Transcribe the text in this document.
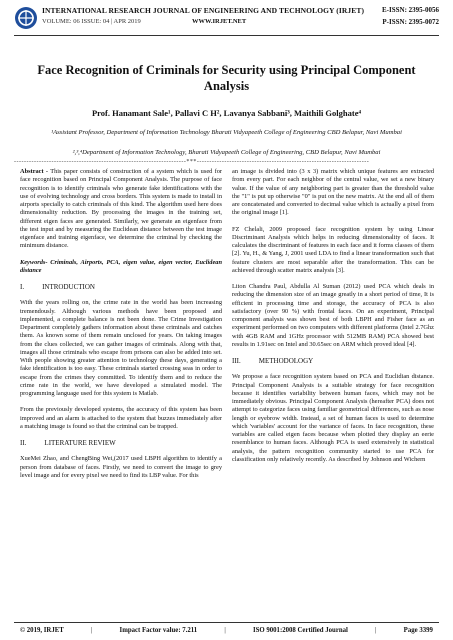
INTERNATIONAL RESEARCH JOURNAL OF ENGINEERING AND TECHNOLOGY (IRJET)
VOLUME: 06 ISSUE: 04 | APR 2019	WWW.IRJET.NET
E-ISSN: 2395-0056
P-ISSN: 2395-0072
Face Recognition of Criminals for Security using Principal Component Analysis
Prof. Hanamant Sale¹, Pallavi C H², Lavanya Sabbani³, Maithili Golghate⁴
¹Assistant Professor, Department of Information Technology Bharati Vidyapeeth College of Engineering CBD Belapur, Navi Mumbai
²,³,⁴Department of Information Technology, Bharati Vidyapeeth College of Engineering, CBD Belapur, Navi Mumbai
---------------------------------------------------------------------***---------------------------------------------------------------------

Abstract - This paper consists of construction of a system which is used for face recognition based on Principal Component Analysis. The purpose of face recognition is to identify criminals who generate fake identifications with the use of evolving technology and cross borders. This system is made to install in airports specially to catch criminals of this kind. The algorithm used here does dimensionality reduction. By processing the images in the training set, different eigen faces are generated. Similarly, we generate an eigenface from the test input and by measuring the Euclidean distance between the test image eigenface and training eigenface, we determine the criminal by checking the minimum distance.

Keywords- Criminals, Airports, PCA, eigen value, eigen vector, Euclidean distance

I.	INTRODUCTION

With the years rolling on, the crime rate in the world has been increasing tremendously. Although various methods have been proposed and implemented, a complete balance is not been done. The Crime Investigation Department completely gathers information about these criminals and catches them. As known some of them remain unclosed for years. On taking images from the clues collected, we can gather images of criminals. Along with that, images all those criminals who escape from prisons can also be added into set. With people showing greater attention to technology these days, generating a fake identification is too easy. These criminals started crossing seas in order to escape from the crimes they committed. To identify them and to reduce the crime rate in the world, we have developed a simulated model. The programming language used for this system is Matlab.

From the previously developed systems, the accuracy of this system has been improved and an alarm is attached to the system that buzzes immediately after a matching image is found so that the criminal can be trapped.

II.	LITERATURE REVIEW

XueMei Zhao, and ChengBing Wei,(2017 used LBPH algorithm to identify a person from database of faces. Firstly, we need to convert the image to grey level image and for every pixel we need to find its LBP value. For this

an image is divided into (3 x 3) matrix which unique features are extracted from every part. For each neighbor of the central value, we set a new binary value. If the value of any neighboring part is greater than the threshold value the "1" is put up otherwise "0" is put on the new matrix. At the end all of them are concatenated and converted to decimal value which is actually a pixel from the original image [1].

FZ Chelali, 2009 proposed face recognition system by using Linear Discriminant Analysis which helps in reducing dimensionality of faces. It calculates the discriminant of features in each face and it forms classes of them [2]. Yu, H., & Yang, J, 2001 used LDA to find a linear transformation such that feature clusters are most separable after the transformation. This can be achieved through scatter matrix analysis [3].

Liton Chandra Paul, Abdulla Al Suman (2012) used PCA which deals in reducing the dimension size of an image greatly in a short period of time, It is efficient in processing time and storage, the accuracy of PCA is also satisfactory (over 90 %) with frontal faces. On an experiment, Principal component analysis was shown best of both LBPH and Fisher face as an experiment performed on two computers with different platforms (Intel 2.7Ghz with 4GB RAM and 1GHz processor with 512MB RAM) PCA showed best results in 1.91sec on Intel and 30.65sec on ARM which proved ideal [4].

III.	METHODOLOGY

We propose a face recognition system based on PCA and Euclidian distance. Principal Component Analysis is a suitable strategy for face recognition because it identifies variability between human faces, which may not be immediately obvious. Principal Component Analysis (hereafter PCA) does not attempt to categorize faces using familiar geometrical differences, such as nose length or eyebrow width. Instead, a set of human faces is used to determine which 'variables' account for the variance of faces. In face recognition, these variables are called eigen faces because when plotted they display an eerie resemblance to human faces. Although PCA is used extensively in statistical analysis, the pattern recognition community started to use PCA for classification only relatively recently. As described by Johnson and Wichern

© 2019, IRJET	|	Impact Factor value: 7.211	|	ISO 9001:2008 Certified Journal	|	Page 3399
